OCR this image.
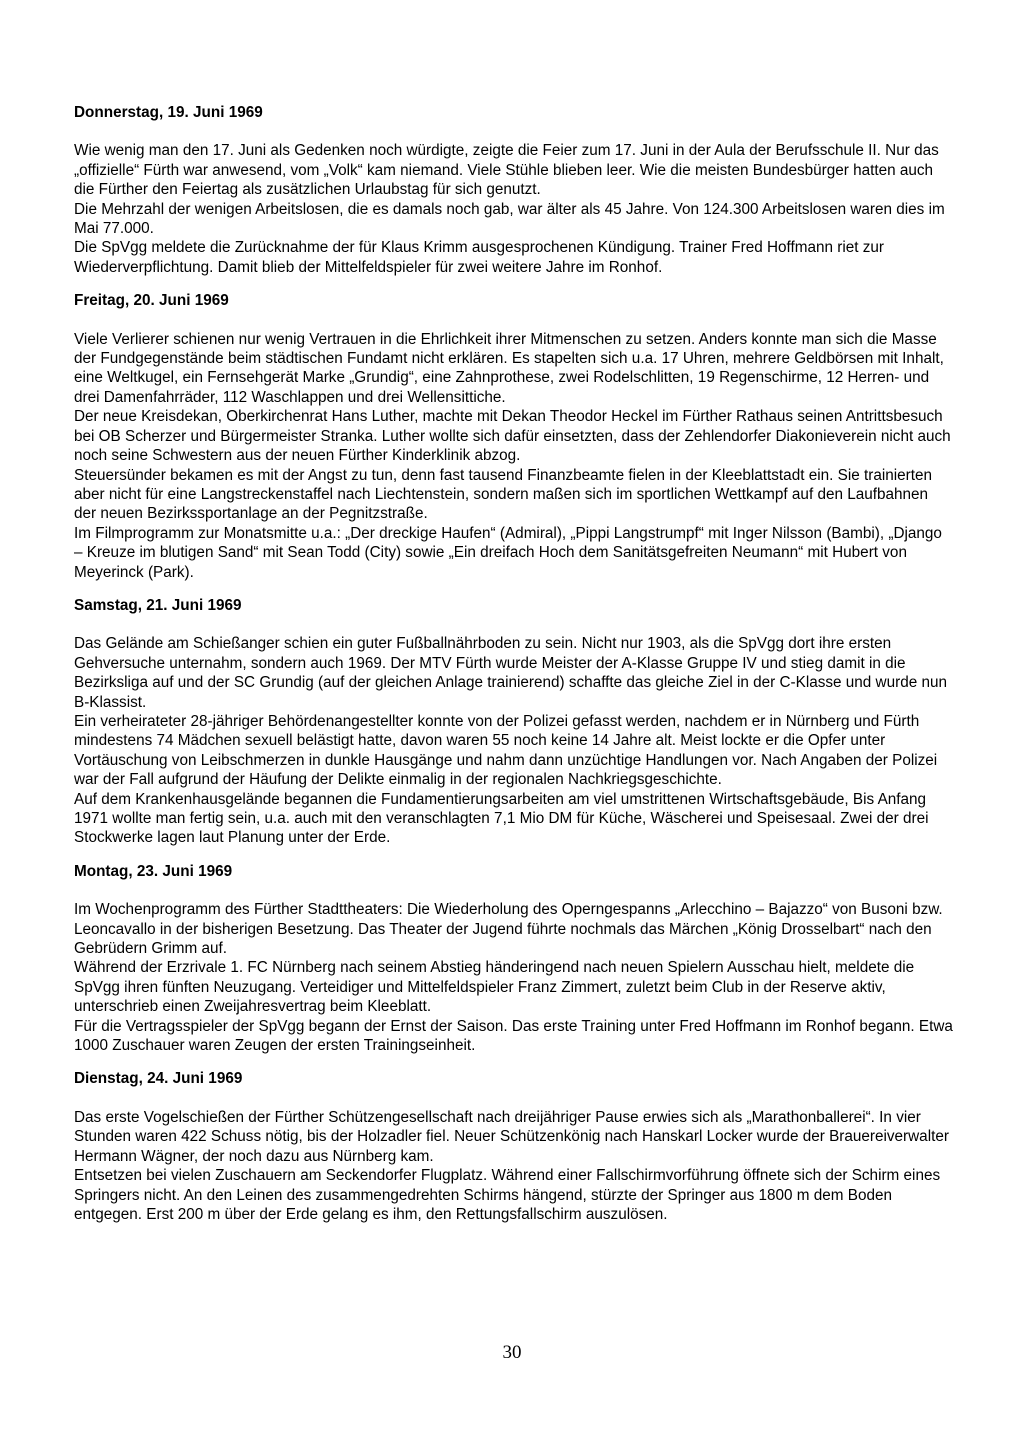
Donnerstag, 19. Juni 1969

Wie wenig man den 17. Juni als Gedenken noch würdigte, zeigte die Feier zum 17. Juni in der Aula der Berufsschule II. Nur das „offizielle“ Fürth war anwesend, vom „Volk“ kam niemand. Viele Stühle blieben leer. Wie die meisten Bundesbürger hatten auch die Fürther den Feiertag als zusätzlichen Urlaubstag für sich genutzt.

Die Mehrzahl der wenigen Arbeitslosen, die es damals noch gab, war älter als 45 Jahre. Von 124.300 Arbeitslosen waren dies im Mai 77.000.

Die SpVgg meldete die Zurücknahme der für Klaus Krimm ausgesprochenen Kündigung. Trainer Fred Hoffmann riet zur Wiederverpflichtung. Damit blieb der Mittelfeldspieler für zwei weitere Jahre im Ronhof.

Freitag, 20. Juni 1969

Viele Verlierer schienen nur wenig Vertrauen in die Ehrlichkeit ihrer Mitmenschen zu setzen. Anders konnte man sich die Masse der Fundgegenstände beim städtischen Fundamt nicht erklären. Es stapelten sich u.a. 17 Uhren, mehrere Geldbörsen mit Inhalt, eine Weltkugel, ein Fernsehgerät Marke „Grundig“, eine Zahnprothese, zwei Rodelschlitten, 19 Regenschirme, 12 Herren- und drei Damenfahrräder, 112 Waschlappen und drei Wellensittiche.

Der neue Kreisdekan, Oberkirchenrat Hans Luther, machte mit Dekan Theodor Heckel im Fürther Rathaus seinen Antrittsbesuch bei OB Scherzer und Bürgermeister Stranka. Luther wollte sich dafür einsetzten, dass der Zehlendorfer Diakonieverein nicht auch noch seine Schwestern aus der neuen Fürther Kinderklinik abzog.

Steuersünder bekamen es mit der Angst zu tun, denn fast tausend Finanzbeamte fielen in der Kleeblattstadt ein. Sie trainierten aber nicht für eine Langstreckenstaffel nach Liechtenstein, sondern maßen sich im sportlichen Wettkampf auf den Laufbahnen der neuen Bezirkssportanlage an der Pegnitzstraße.

Im Filmprogramm zur Monatsmitte u.a.: „Der dreckige Haufen“ (Admiral), „Pippi Langstrumpf“ mit Inger Nilsson (Bambi), „Django – Kreuze im blutigen Sand“ mit Sean Todd (City) sowie „Ein dreifach Hoch dem Sanitätsgefreiten Neumann“ mit Hubert von Meyerinck (Park).

Samstag, 21. Juni 1969

Das Gelände am Schießanger schien ein guter Fußballnährboden zu sein. Nicht nur 1903, als die SpVgg dort ihre ersten Gehversuche unternahm, sondern auch 1969. Der MTV Fürth wurde Meister der A-Klasse Gruppe IV und stieg damit in die Bezirksliga auf und der SC Grundig (auf der gleichen Anlage trainierend) schaffte das gleiche Ziel in der C-Klasse und wurde nun B-Klassist.

Ein verheirateter 28-jähriger Behördenangestellter konnte von der Polizei gefasst werden, nachdem er in Nürnberg und Fürth mindestens 74 Mädchen sexuell belästigt hatte, davon waren 55 noch keine 14 Jahre alt. Meist lockte er die Opfer unter Vortäuschung von Leibschmerzen in dunkle Hausgänge und nahm dann unzüchtige Handlungen vor. Nach Angaben der Polizei war der Fall aufgrund der Häufung der Delikte einmalig in der regionalen Nachkriegsgeschichte.

Auf dem Krankenhausgelände begannen die Fundamentierungsarbeiten am viel umstrittenen Wirtschaftsgebäude, Bis Anfang 1971 wollte man fertig sein, u.a. auch mit den veranschlagten 7,1 Mio DM für Küche, Wäscherei und Speisesaal. Zwei der drei Stockwerke lagen laut Planung unter der Erde.

Montag, 23. Juni 1969

Im Wochenprogramm des Fürther Stadttheaters: Die Wiederholung des Operngespanns „Arlecchino – Bajazzo“ von Busoni bzw. Leoncavallo in der bisherigen Besetzung. Das Theater der Jugend führte nochmals das Märchen „König Drosselbart“ nach den Gebrüdern Grimm auf.

Während der Erzrivale 1. FC Nürnberg nach seinem Abstieg händeringend nach neuen Spielern Ausschau hielt, meldete die SpVgg ihren fünften Neuzugang. Verteidiger und Mittelfeldspieler Franz Zimmert, zuletzt beim Club in der Reserve aktiv, unterschrieb einen Zweijahresvertrag beim Kleeblatt.

Für die Vertragsspieler der SpVgg begann der Ernst der Saison. Das erste Training unter Fred Hoffmann im Ronhof begann. Etwa 1000 Zuschauer waren Zeugen der ersten Trainingseinheit.

Dienstag, 24. Juni 1969

Das erste Vogelschießen der Fürther Schützengesellschaft nach dreijähriger Pause erwies sich als „Marathonballerei“. In vier Stunden waren 422 Schuss nötig, bis der Holzadler fiel. Neuer Schützenkönig nach Hanskarl Locker wurde der Brauereiverwalter Hermann Wägner, der noch dazu aus Nürnberg kam.

Entsetzen bei vielen Zuschauern am Seckendorfer Flugplatz. Während einer Fallschirmvorführung öffnete sich der Schirm eines Springers nicht. An den Leinen des zusammengedrehten Schirms hängend, stürzte der Springer aus 1800 m dem Boden entgegen. Erst 200 m über der Erde gelang es ihm, den Rettungsfallschirm auszulösen.

30
